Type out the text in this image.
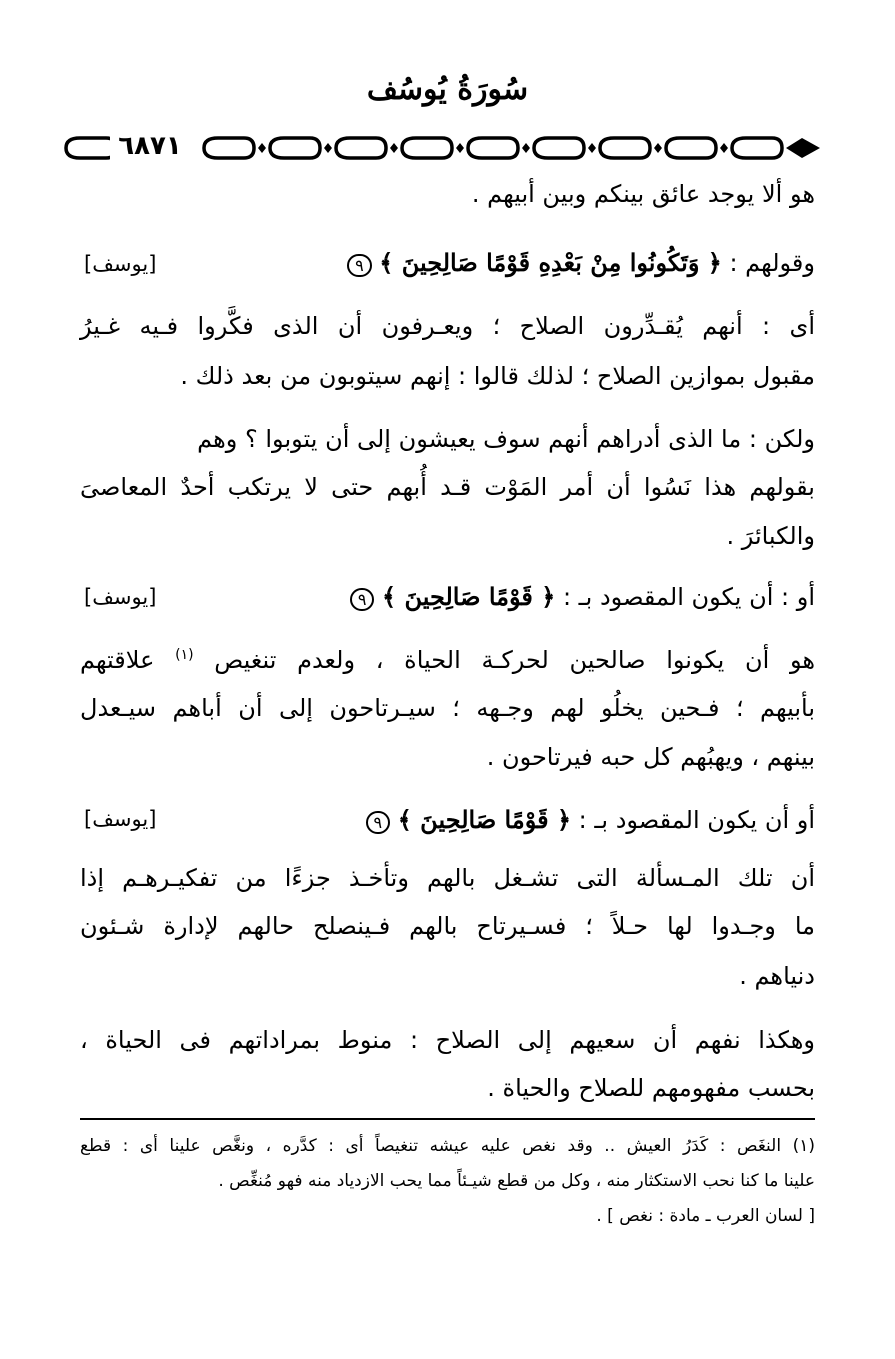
سُورَةُ يُوسُف
٦٨٧١
هو ألا يوجد عائق بينكم وبين أبيهم .
وقولهم : ﴿ وَتَكُونُوا مِنْ بَعْدِهِ قَوْمًا صَالِحِينَ ﴾ ٩
[يوسف]
أى : أنهم يُقـدِّرون الصلاح ؛ ويعـرفون أن الذى فكَّروا فـيه غـيرُ
مقبول بموازين الصلاح ؛ لذلك قالوا : إنهم سيتوبون من بعد ذلك .
ولكن : ما الذى أدراهم أنهم سوف يعيشون إلى أن يتوبوا ؟ وهم
بقولهم هذا نَسُوا أن أمر المَوْت قـد أُبهم حتى لا يرتكب أحدٌ المعاصىَ
والكبائرَ .
أو : أن يكون المقصود بـ : ﴿ قَوْمًا صَالِحِينَ ﴾ ٩
[يوسف]
هو أن يكونوا صالحين لحركـة الحياة ، ولعدم تنغيص $^{(١)}$ علاقتهم
بأبيهم ؛ فـحين يخلُو لهم وجـهه ؛ سيـرتاحون إلى أن أباهم سيـعدل
بينهم ، ويهبُهم كل حبه فيرتاحون .
أو أن يكون المقصود بـ : ﴿ قَوْمًا صَالِحِينَ ﴾ ٩
[يوسف]
أن تلك المـسألة التى تشـغل بالهم وتأخـذ جزءًا من تفكيـرهـم إذا
ما وجـدوا لها حـلاً ؛ فسـيرتاح بالهم فـينصلح حالهم لإدارة شـئون
دنياهم .
وهكذا نفهم أن سعيهم إلى الصلاح : منوط بمراداتهم فى الحياة ،
بحسب مفهومهم للصلاح والحياة .
(١) النغَص : كَدَرُ العيش .. وقد نغص عليه عيشه تنغيصاً أى : كدَّره ، ونغَّص علينا أى : قطع
علينا ما كنا نحب الاستكثار منه ، وكل من قطع شيـئاً مما يحب الازدياد منه فهو مُنغِّص .
[ لسان العرب ـ مادة : نغص ] .
